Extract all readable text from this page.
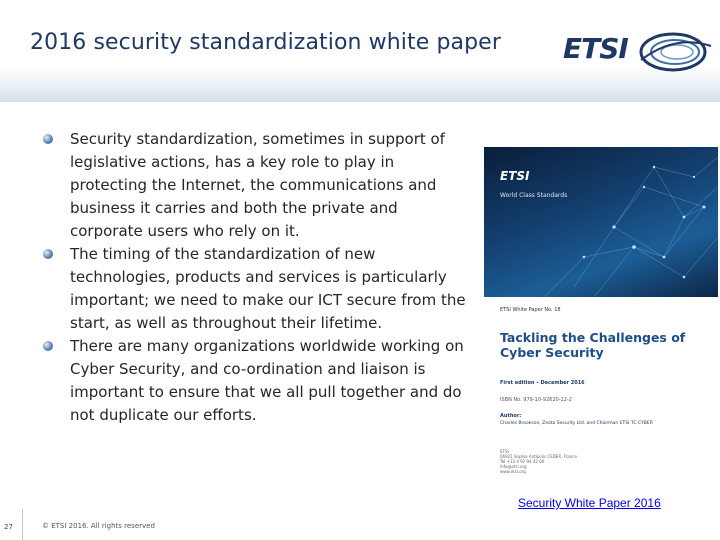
2016 security standardization white paper ETSI
Security standardization, sometimes in support of legislative actions, has a key role to play in protecting the Internet, the communications and business it carries and both the private and corporate users who rely on it.
The timing of the standardization of new technologies, products and services is particularly important; we need to make our ICT secure from the start, as well as throughout their lifetime.
There are many organizations worldwide working on Cyber Security, and co-ordination and liaison is important to ensure that we all pull together and do not duplicate our efforts.
ETSI
World Class Standards
ETSI White Paper No. 18
Tackling the Challenges of Cyber Security
First edition – December 2016
ISBN No. 979-10-92620-12-2
Author:
Charles Brookson, Zeata Security Ltd. and Chairman ETSI TC CYBER
ETSI
06921 Sophia Antipolis CEDEX, France
Tel +33 4 92 94 42 00
info@etsi.org
www.etsi.org
Security White Paper 2016
27	© ETSI 2016. All rights reserved
